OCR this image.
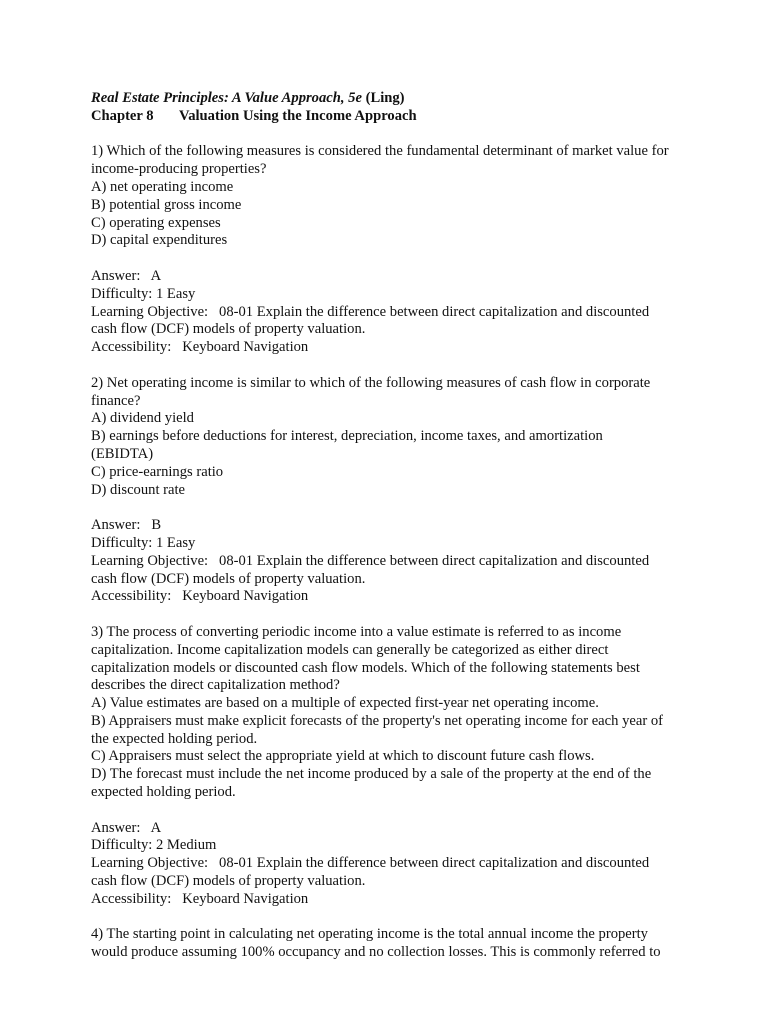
Real Estate Principles: A Value Approach, 5e (Ling)
Chapter 8 Valuation Using the Income Approach
1) Which of the following measures is considered the fundamental determinant of market value for
income-producing properties?
A) net operating income
B) potential gross income
C) operating expenses
D) capital expenditures
Answer:   A
Difficulty: 1 Easy
Learning Objective:   08-01 Explain the difference between direct capitalization and discounted
cash flow (DCF) models of property valuation.
Accessibility:   Keyboard Navigation
2) Net operating income is similar to which of the following measures of cash flow in corporate
finance?
A) dividend yield
B) earnings before deductions for interest, depreciation, income taxes, and amortization
(EBIDTA)
C) price-earnings ratio
D) discount rate
Answer:   B
Difficulty: 1 Easy
Learning Objective:   08-01 Explain the difference between direct capitalization and discounted
cash flow (DCF) models of property valuation.
Accessibility:   Keyboard Navigation
3) The process of converting periodic income into a value estimate is referred to as income
capitalization. Income capitalization models can generally be categorized as either direct
capitalization models or discounted cash flow models. Which of the following statements best
describes the direct capitalization method?
A) Value estimates are based on a multiple of expected first-year net operating income.
B) Appraisers must make explicit forecasts of the property's net operating income for each year of
the expected holding period.
C) Appraisers must select the appropriate yield at which to discount future cash flows.
D) The forecast must include the net income produced by a sale of the property at the end of the
expected holding period.
Answer:   A
Difficulty: 2 Medium
Learning Objective:   08-01 Explain the difference between direct capitalization and discounted
cash flow (DCF) models of property valuation.
Accessibility:   Keyboard Navigation
4) The starting point in calculating net operating income is the total annual income the property
would produce assuming 100% occupancy and no collection losses. This is commonly referred to
